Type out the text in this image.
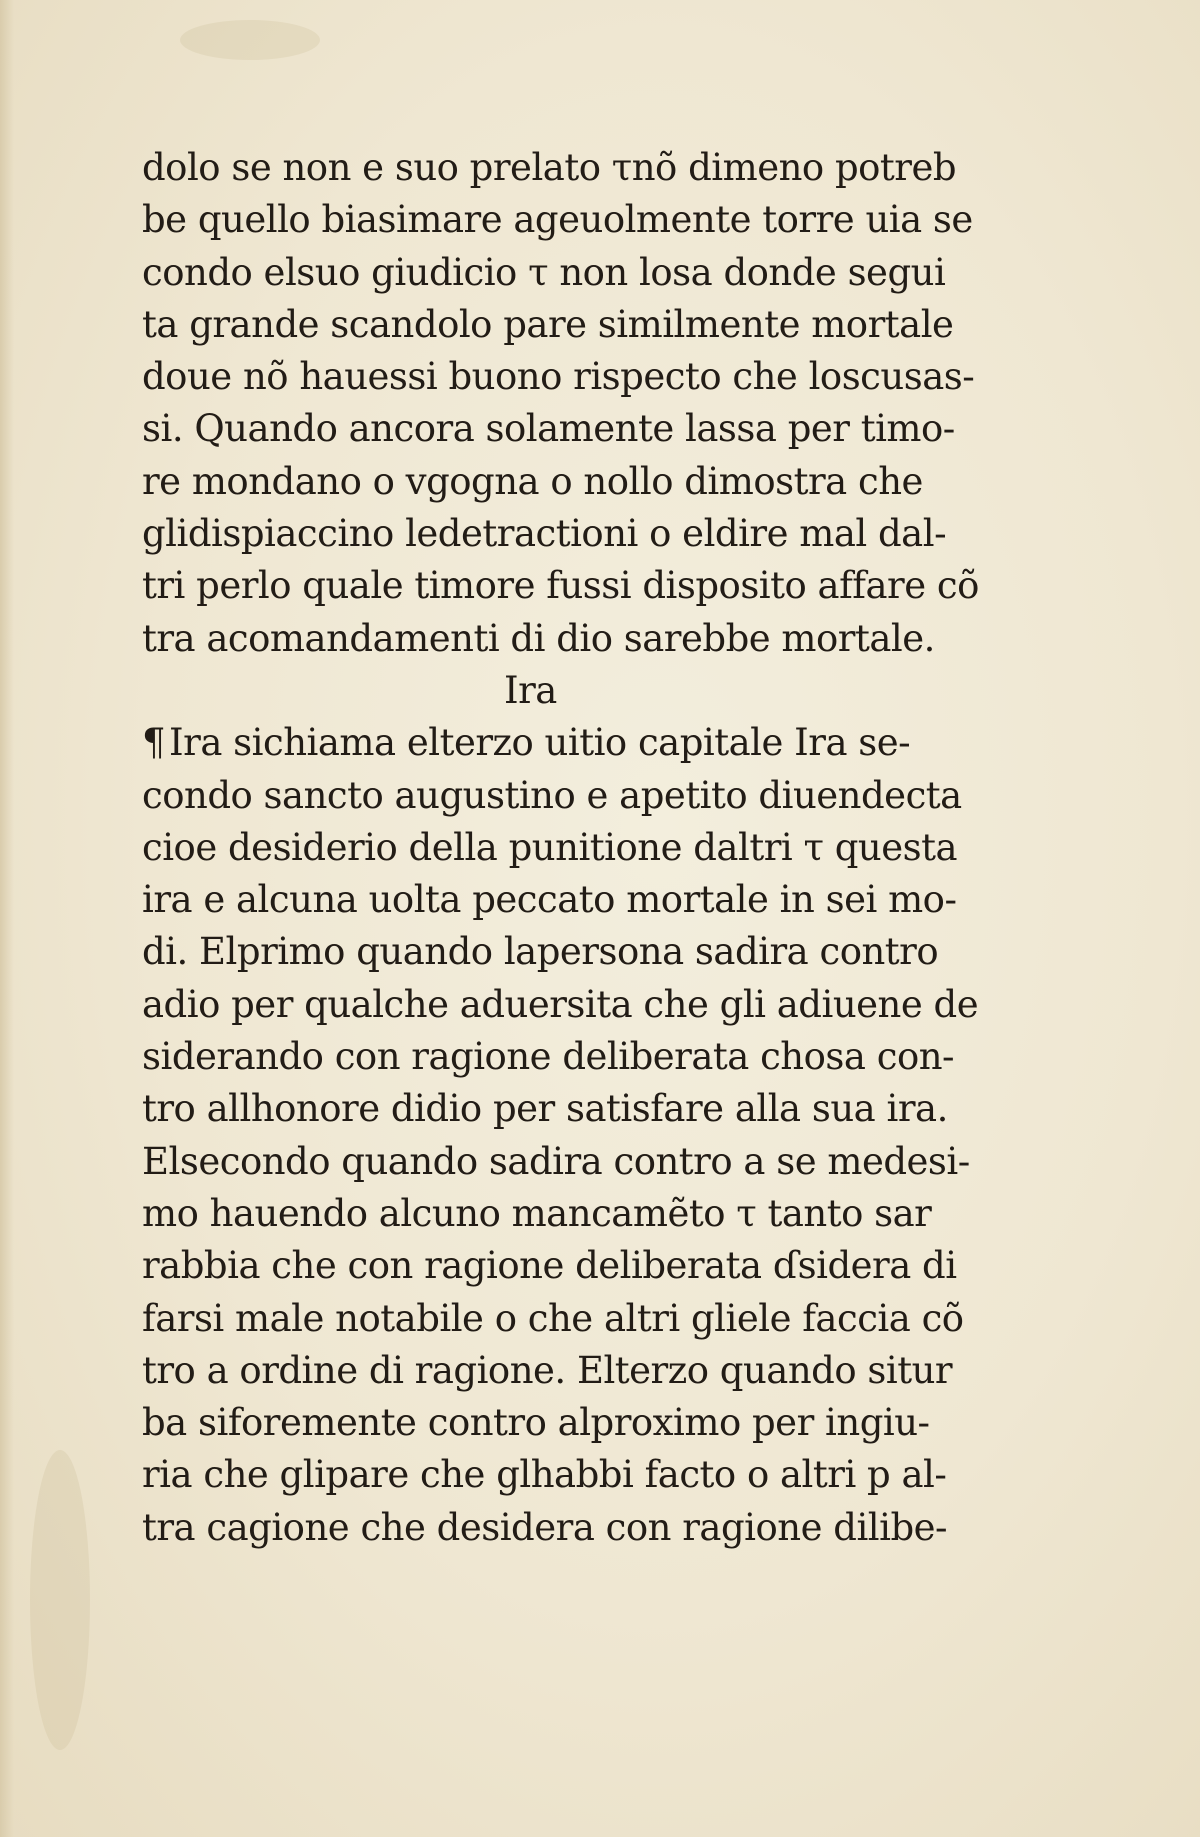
dolo se non e suo prelato τnõ dimeno potreb
be quello biasimare ageuolmente torre uia se
condo elsuo giudicio τ non losa donde segui
ta grande scandolo pare similmente mortale
doue nõ hauessi buono rispecto che loscusas-
si. Quando ancora solamente lassa per timo-
re mondano o vgogna o nollo dimostra che
glidispiaccino ledetractioni o eldire mal dal-
tri perlo quale timore fussi disposito affare cõ
tra acomandamenti di dio sarebbe mortale.
Ira
¶ Ira sichiama elterzo uitio capitale Ira se-
condo sancto augustino e apetito diuendecta
cioe desiderio della punitione daltri τ questa
ira e alcuna uolta peccato mortale in sei mo-
di. Elprimo quando lapersona sadira contro
adio per qualche aduersita che gli adiuene de
siderando con ragione deliberata chosa con-
tro allhonore didio per satisfare alla sua ira.
Elsecondo quando sadira contro a se medesi-
mo hauendo alcuno mancamẽto τ tanto sar
rabbia che con ragione deliberata ɗsidera di
farsi male notabile o che altri gliele faccia cõ
tro a ordine di ragione. Elterzo quando situr
ba siforemente contro alproximo per ingiu-
ria che glipare che glhabbi facto o altri p al-
tra cagione che desidera con ragione dilibe-
